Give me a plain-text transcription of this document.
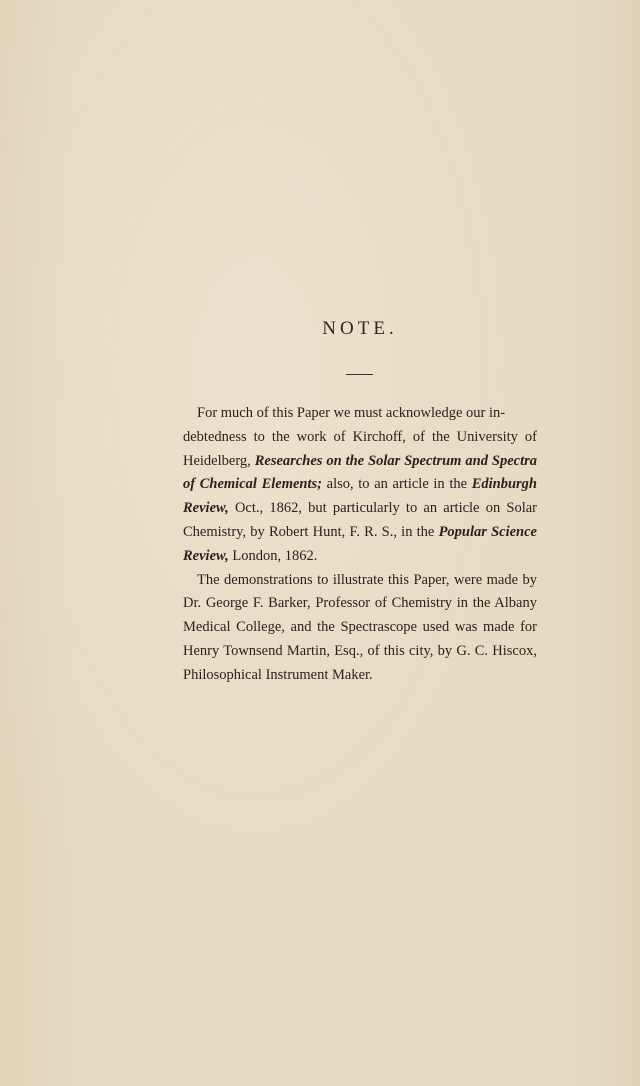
NOTE.

For much of this Paper we must acknowledge our in-
debtedness to the work of Kirchoff, of the University of Heidelberg, Researches on the Solar Spectrum and Spectra of Chemical Elements; also, to an article in the Edinburgh Review, Oct., 1862, but particularly to an article on Solar Chemistry, by Robert Hunt, F. R. S., in the Popular Science Review, London, 1862.

The demonstrations to illustrate this Paper, were made by Dr. George F. Barker, Professor of Chemistry in the Albany Medical College, and the Spectrascope used was made for Henry Townsend Martin, Esq., of this city, by G. C. Hiscox, Philosophical Instrument Maker.
